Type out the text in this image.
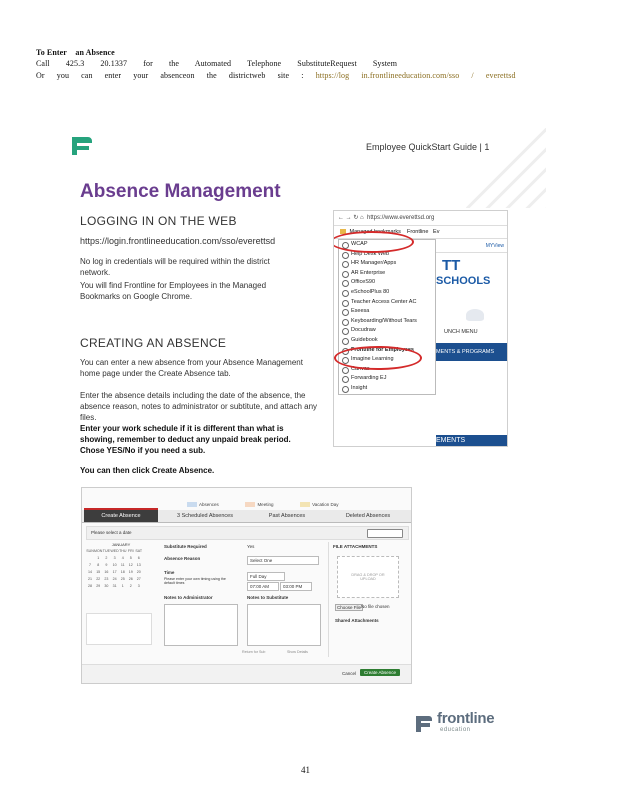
To Enter an Absence
Call 425.3 20.1337 for the Automated Telephone SubstituteRequest System
Or you can enter your absenceon the districtweb site : https://log in.frontlineeducation.com/sso / everettsd
Employee QuickStart Guide | 1
Absence Management
LOGGING IN ON THE WEB
https://login.frontlineeducation.com/sso/everettsd
No log in credentials will be required within the district network.
You will find Frontline for Employees in the Managed Bookmarks on Google Chrome.
CREATING AN ABSENCE
You can enter a new absence from your Absence Management home page under the Create Absence tab.
Enter the absence details including the date of the absence, the absence reason, notes to administrator or subtitute, and attach any files.
Enter your work schedule if it is different than what is showing, remember to deduct any unpaid break period.
Chose YES/No if you need a sub.
You can then click Create Absence.
← → ↻ ⌂ https://www.everettsd.org
Managed bookmarks Frontline Ev
WCAP
Help Desk Web
HR Manager/Apps
AR Enterprise
OfficeS90
eSchoolPlus 80
Teacher Access Center AC
Eseesa
Keyboarding/Without Tears
Docudraw
Guidebook
Frontline for Employees
Imagine Learning
Canvas
Forwarding EJ
Insight
MYView
TT
SCHOOLS
UNCH MENU
MENTS & PROGRAMS
EMENTS
Absences	Meeting	Vacation Day
Create Absence	3 Scheduled Absences	Past Absences	Deleted Absences
Please select a date
JANUARY
SUN	MON	TUE	WED	THU	FRI	SAT
	1	2	3	4	5	6
7	8	9	10	11	12	13
14	15	16	17	18	19	20
21	22	23	24	25	26	27
28	29	30	31	1	2	3
Substitute Required	Yes
Absence Reason	Select One
Time
Please enter your own timing using the default times
Full Day
07:00 AM	03:00 PM
Notes to Administrator	Notes to Substitute
FILE ATTACHMENTS
DRAG & DROP OR UPLOAD
Choose File No file chosen
Shared Attachments
Return for Sub	Show Details
Cancel	Create Absence
frontline
education
41
